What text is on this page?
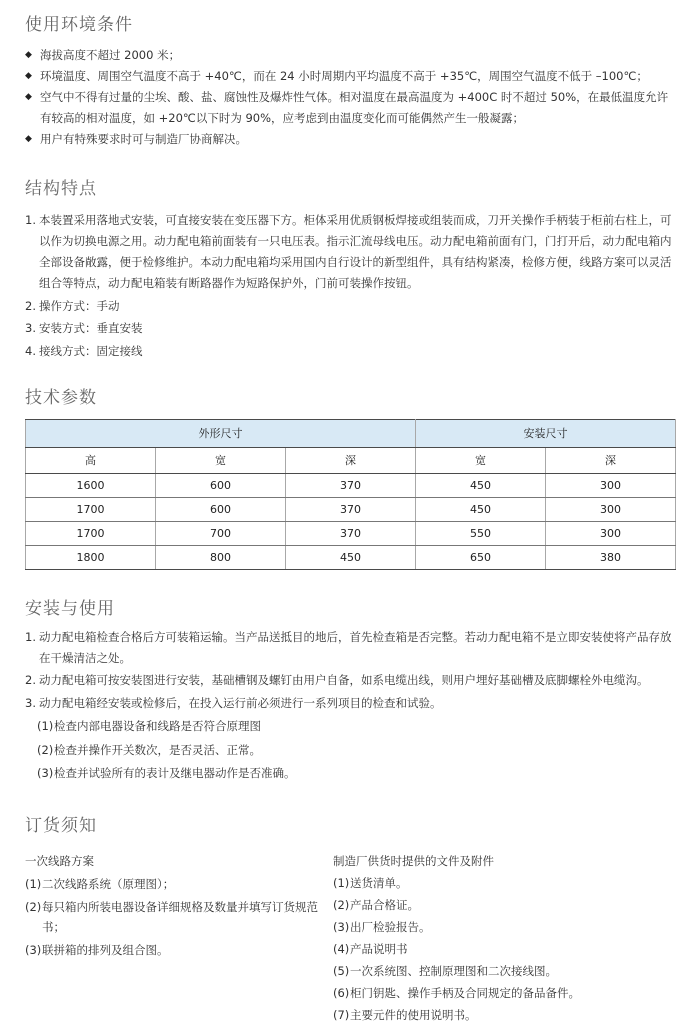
使用环境条件
◆ 海拔高度不超过 2000 米；
◆ 环境温度、周围空气温度不高于 +40℃，而在 24 小时周期内平均温度不高于 +35℃，周围空气温度不低于 –100℃；
◆ 空气中不得有过量的尘埃、酸、盐、腐蚀性及爆炸性气体。相对温度在最高温度为 +400C 时不超过 50%，在最低温度允许有较高的相对温度，如 +20℃以下时为 90%，应考虑到由温度变化而可能偶然产生一般凝露；
◆ 用户有特殊要求时可与制造厂协商解决。
结构特点
1. 本装置采用落地式安装，可直接安装在变压器下方。柜体采用优质钢板焊接或组装而成，刀开关操作手柄装于柜前右柱上，可以作为切换电源之用。动力配电箱前面装有一只电压表。指示汇流母线电压。动力配电箱前面有门，门打开后，动力配电箱内全部设备敞露，便于检修维护。本动力配电箱均采用国内自行设计的新型组件，具有结构紧凑，检修方便，线路方案可以灵活组合等特点，动力配电箱装有断路器作为短路保护外，门前可装操作按钮。
2. 操作方式：手动
3. 安装方式：垂直安装
4. 接线方式：固定接线
技术参数
外形尺寸			安装尺寸	
高	宽	深	宽	深
1600	600	370	450	300
1700	600	370	450	300
1700	700	370	550	300
1800	800	450	650	380
安装与使用
1. 动力配电箱检查合格后方可装箱运输。当产品送抵目的地后，首先检查箱是否完整。若动力配电箱不是立即安装使将产品存放在干燥清洁之处。
2. 动力配电箱可按安装图进行安装，基础槽钢及螺钉由用户自备，如系电缆出线，则用户埋好基础槽及底脚螺栓外电缆沟。
3. 动力配电箱经安装或检修后，在投入运行前必须进行一系列项目的检查和试验。
(1) 检查内部电器设备和线路是否符合原理图
(2) 检查并操作开关数次，是否灵活、正常。
(3) 检查并试验所有的表计及继电器动作是否准确。
订货须知
一次线路方案
(1) 二次线路系统（原理图）；
(2) 每只箱内所装电器设备详细规格及数量并填写订货规范书；
(3) 联拼箱的排列及组合图。
制造厂供货时提供的文件及附件
(1) 送货清单。
(2) 产品合格证。
(3) 出厂检验报告。
(4) 产品说明书
(5) 一次系统图、控制原理图和二次接线图。
(6) 柜门钥匙、操作手柄及合同规定的备品备件。
(7) 主要元件的使用说明书。
